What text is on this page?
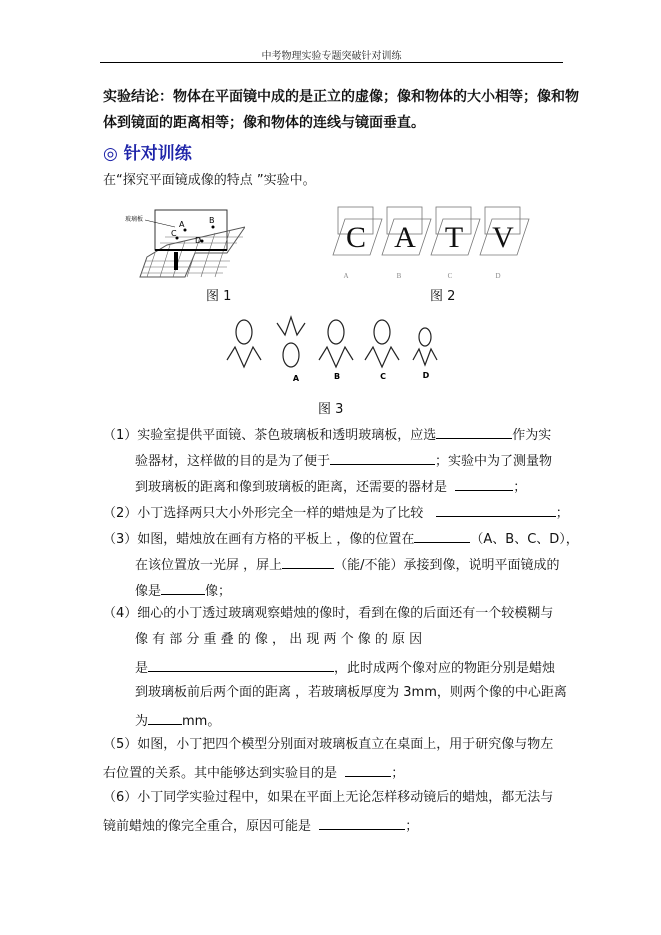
中考物理实验专题突破针对训练
实验结论：物体在平面镜中成的是正立的虚像；像和物体的大小相等；像和物
体到镜面的距离相等；像和物体的连线与镜面垂直。
◎ 针对训练
在“探究平面镜成像的特点 ”实验中。
A	B
C
D
玻璃板
图 1
C A T V
A	B	C	D
图 2
A	B	C	D
图 3
（1）实验室提供平面镜、茶色玻璃板和透明玻璃板，应选	作为实
验器材，这样做的目的是为了便于	；实验中为了测量物
到玻璃板的距离和像到玻璃板的距离，还需要的器材是	；
（2）小丁选择两只大小外形完全一样的蜡烛是为了比较	；
（3）如图，蜡烛放在画有方格的平板上 ，像的位置在	（A、B、C、D），
在该位置放一光屏 ，屏上	（能/不能）承接到像，说明平面镜成的
像是	像；
（4）细心的小丁透过玻璃观察蜡烛的像时，看到在像的后面还有一个较模糊与
像 有 部 分 重 叠 的 像 ， 出 现 两 个 像 的 原 因
是	，此时成两个像对应的物距分别是蜡烛
到玻璃板前后两个面的距离 ，若玻璃板厚度为 3mm，则两个像的中心距离
为	mm。
（5）如图，小丁把四个模型分别面对玻璃板直立在桌面上，用于研究像与物左
右位置的关系。其中能够达到实验目的是	；
（6）小丁同学实验过程中，如果在平面上无论怎样移动镜后的蜡烛，都无法与
镜前蜡烛的像完全重合，原因可能是	；
